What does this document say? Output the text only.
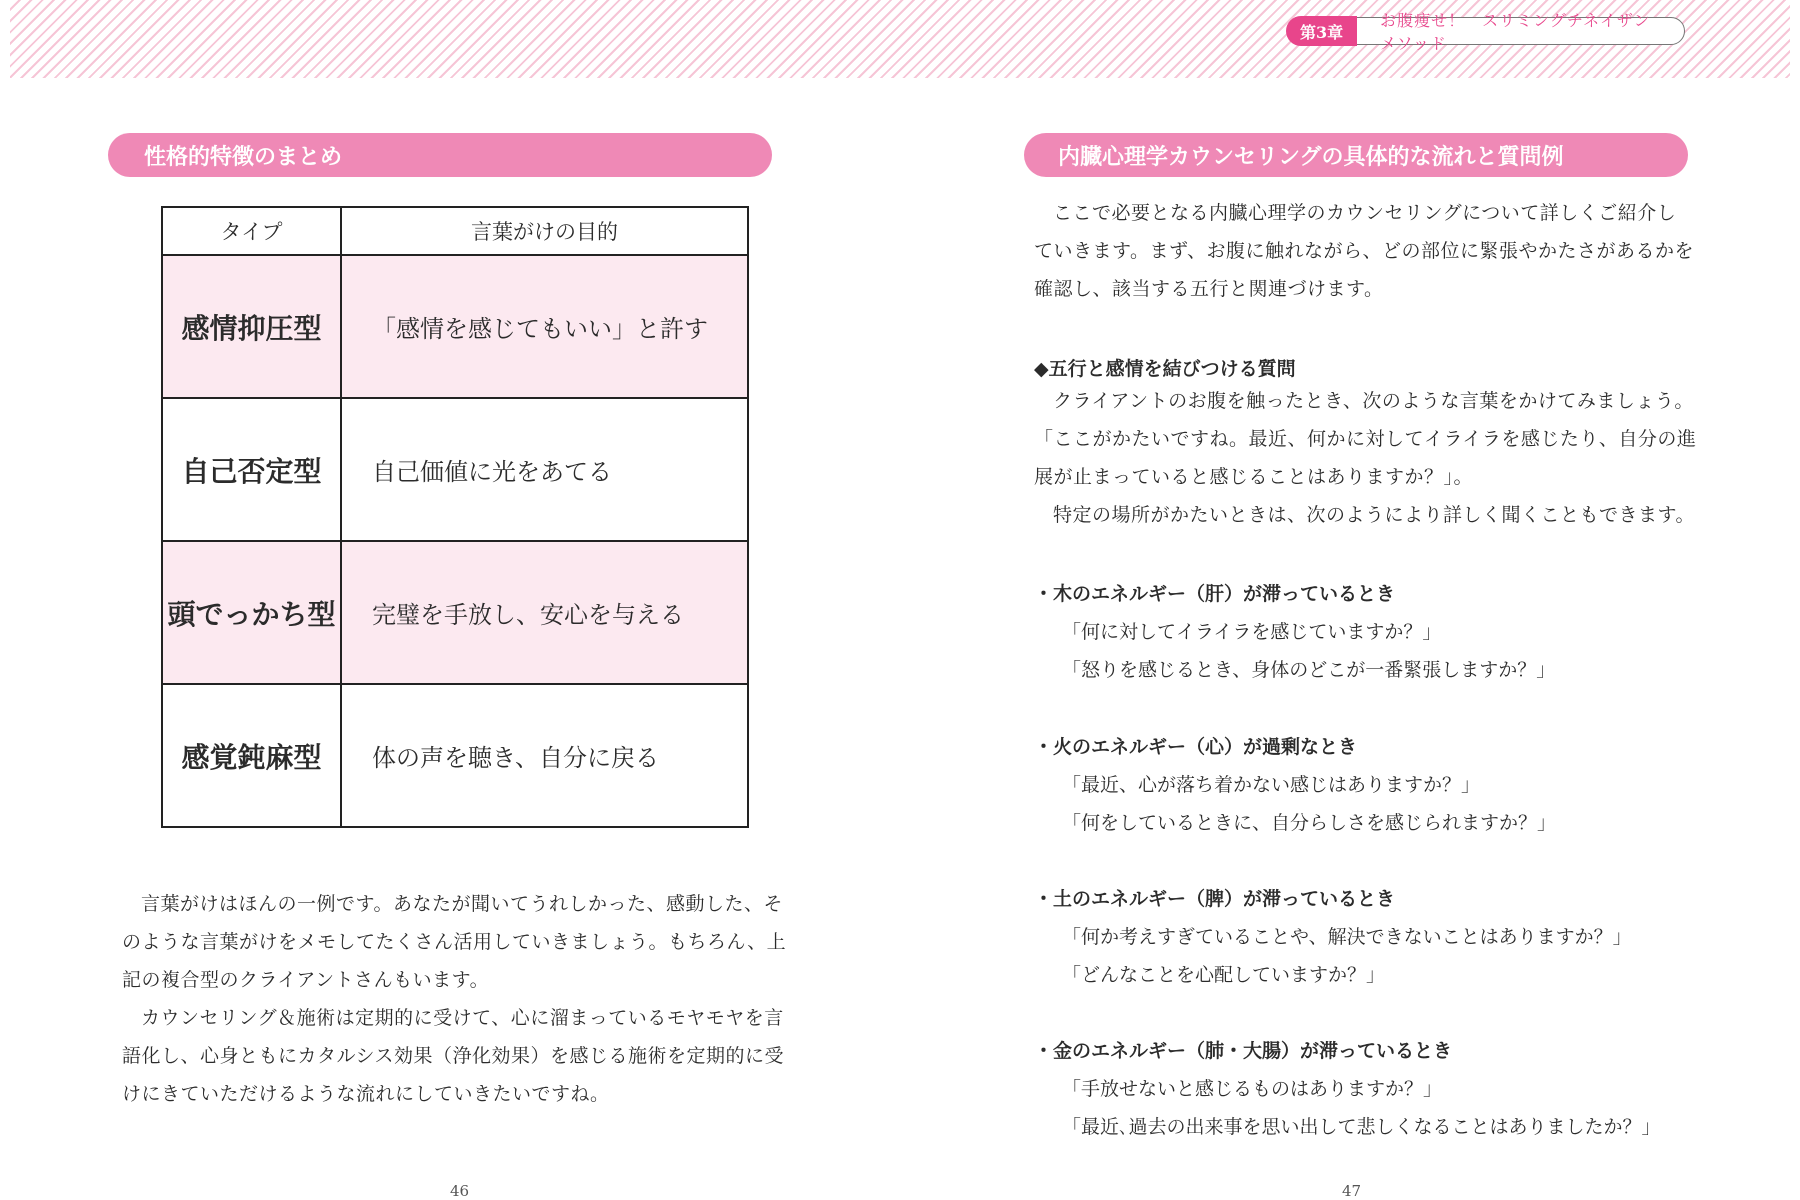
第3章
お腹痩せ！　スリミングチネイザンメソッド
性格的特徴のまとめ
タイプ	言葉がけの目的
感情抑圧型	「感情を感じてもいい」と許す
自己否定型	自己価値に光をあてる
頭でっかち型	完璧を手放し、安心を与える
感覚鈍麻型	体の声を聴き、自分に戻る

言葉がけはほんの一例です。あなたが聞いてうれしかった、感動した、そのような言葉がけをメモしてたくさん活用していきましょう。もちろん、上記の複合型のクライアントさんもいます。

カウンセリング＆施術は定期的に受けて、心に溜まっているモヤモヤを言語化し、心身ともにカタルシス効果（浄化効果）を感じる施術を定期的に受けにきていただけるような流れにしていきたいですね。

46
内臓心理学カウンセリングの具体的な流れと質問例

ここで必要となる内臓心理学のカウンセリングについて詳しくご紹介していきます。まず、お腹に触れながら、どの部位に緊張やかたさがあるかを確認し、該当する五行と関連づけます。

◆五行と感情を結びつける質問

クライアントのお腹を触ったとき、次のような言葉をかけてみましょう。「ここがかたいですね。最近、何かに対してイライラを感じたり、自分の進展が止まっていると感じることはありますか？」。

特定の場所がかたいときは、次のようにより詳しく聞くこともできます。

・木のエネルギー（肝）が滞っているとき
「何に対してイライラを感じていますか？」
「怒りを感じるとき、身体のどこが一番緊張しますか？」
・火のエネルギー（心）が過剰なとき
「最近、心が落ち着かない感じはありますか？」
「何をしているときに、自分らしさを感じられますか？」
・土のエネルギー（脾）が滞っているとき
「何か考えすぎていることや、解決できないことはありますか？」
「どんなことを心配していますか？」
・金のエネルギー（肺・大腸）が滞っているとき
「手放せないと感じるものはありますか？」
「最近､過去の出来事を思い出して悲しくなることはありましたか？」
47
